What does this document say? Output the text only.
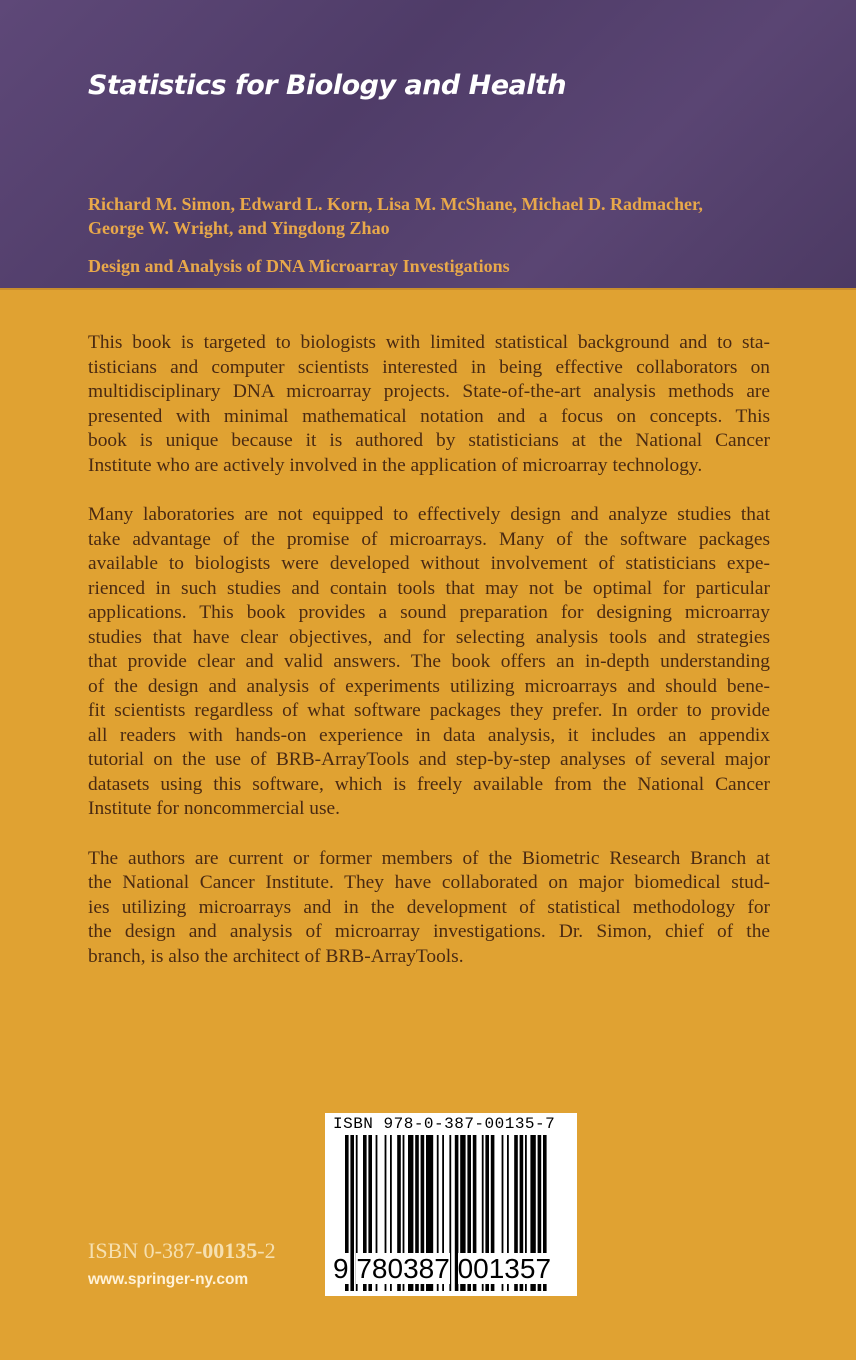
Statistics for Biology and Health
Richard M. Simon, Edward L. Korn, Lisa M. McShane, Michael D. Radmacher,
George W. Wright, and Yingdong Zhao
Design and Analysis of DNA Microarray Investigations
This book is targeted to biologists with limited statistical background and to sta-
tisticians and computer scientists interested in being effective collaborators on
multidisciplinary DNA microarray projects. State-of-the-art analysis methods are
presented with minimal mathematical notation and a focus on concepts. This
book is unique because it is authored by statisticians at the National Cancer
Institute who are actively involved in the application of microarray technology.
Many laboratories are not equipped to effectively design and analyze studies that
take advantage of the promise of microarrays. Many of the software packages
available to biologists were developed without involvement of statisticians expe-
rienced in such studies and contain tools that may not be optimal for particular
applications. This book provides a sound preparation for designing microarray
studies that have clear objectives, and for selecting analysis tools and strategies
that provide clear and valid answers. The book offers an in-depth understanding
of the design and analysis of experiments utilizing microarrays and should bene-
fit scientists regardless of what software packages they prefer. In order to provide
all readers with hands-on experience in data analysis, it includes an appendix
tutorial on the use of BRB-ArrayTools and step-by-step analyses of several major
datasets using this software, which is freely available from the National Cancer
Institute for noncommercial use.
The authors are current or former members of the Biometric Research Branch at
the National Cancer Institute. They have collaborated on major biomedical stud-
ies utilizing microarrays and in the development of statistical methodology for
the design and analysis of microarray investigations. Dr. Simon, chief of the
branch, is also the architect of BRB-ArrayTools.
ISBN 0-387-00135-2
www.springer-ny.com
ISBN 978-0-387-00135-7
9 780387 001357
